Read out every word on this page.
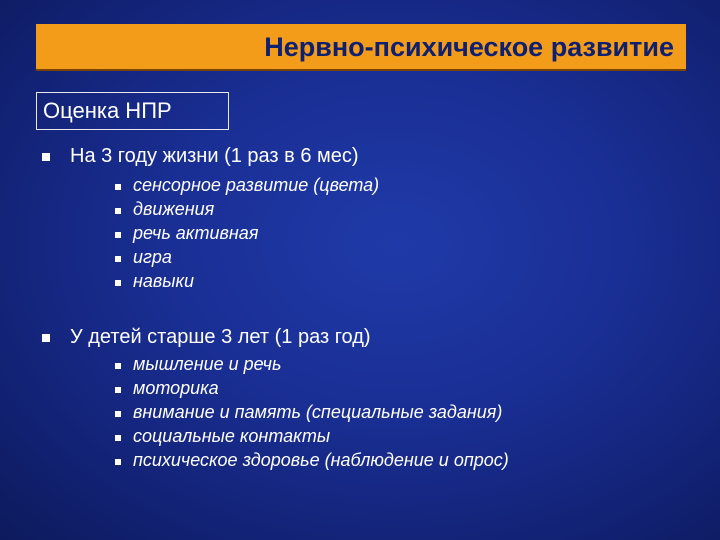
Нервно-психическое развитие
Оценка НПР
На 3 году жизни (1 раз в 6 мес)
сенсорное развитие (цвета)
движения
речь активная
игра
навыки
У детей старше 3 лет (1 раз год)
мышление и речь
моторика
внимание и память (специальные задания)
социальные контакты
психическое здоровье (наблюдение и опрос)
